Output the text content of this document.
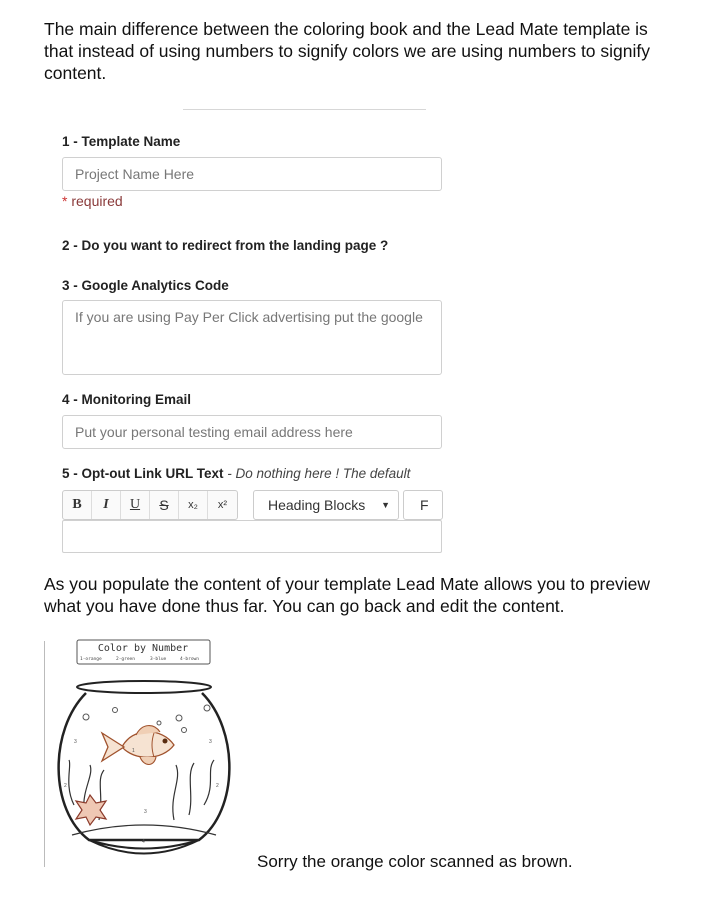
The main difference between the coloring book and the Lead Mate template is that instead of using numbers to signify colors we are using numbers to signify content.

1 - Template Name
Project Name Here
* required
2 - Do you want to redirect from the landing page ?
3 - Google Analytics Code
If you are using Pay Per Click advertising put the google
4 - Monitoring Email
Put your personal testing email address here
5 - Opt-out Link URL Text - Do nothing here ! The default
B	I	U	S	x₂	x²	Heading Blocks ▼	F

As you populate the content of your template Lead Mate allows you to preview what you have done thus far. You can go back and edit the content.

Color by Number
1-orange	2-green	3-blue	4-brown
3	3
2	2
3
4
1
Sorry the orange color scanned as brown.
